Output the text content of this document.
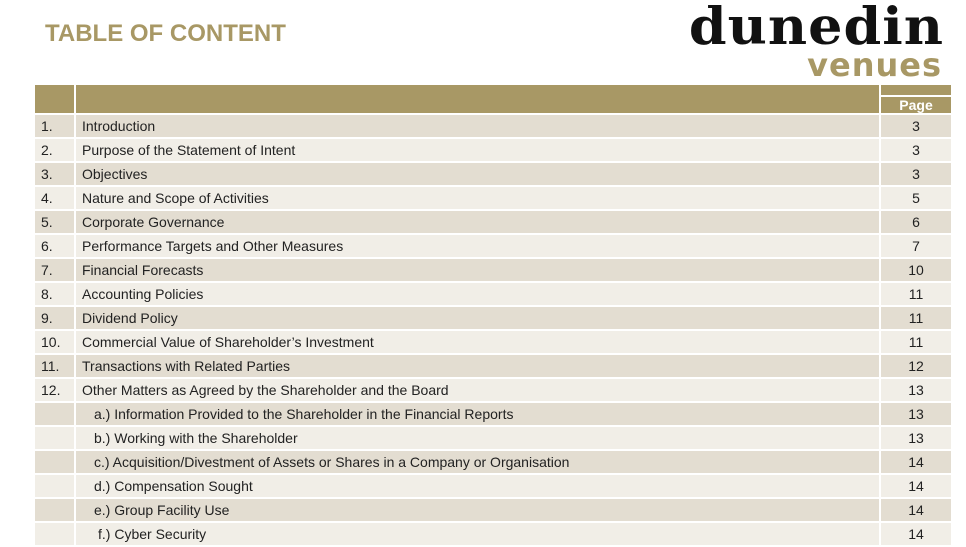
TABLE OF CONTENT	dunedin
venues

		Page
1.	Introduction	3
2.	Purpose of the Statement of Intent	3
3.	Objectives	3
4.	Nature and Scope of Activities	5
5.	Corporate Governance	6
6.	Performance Targets and Other Measures	7
7.	Financial Forecasts	10
8.	Accounting Policies	11
9.	Dividend Policy	11
10.	Commercial Value of Shareholder’s Investment	11
11.	Transactions with Related Parties	12
12.	Other Matters as Agreed by the Shareholder and the Board	13
	a.) Information Provided to the Shareholder in the Financial Reports	13
	b.) Working with the Shareholder	13
	c.) Acquisition/Divestment of Assets or Shares in a Company or Organisation	14
	d.) Compensation Sought	14
	e.) Group Facility Use	14
	f.) Cyber Security	14
